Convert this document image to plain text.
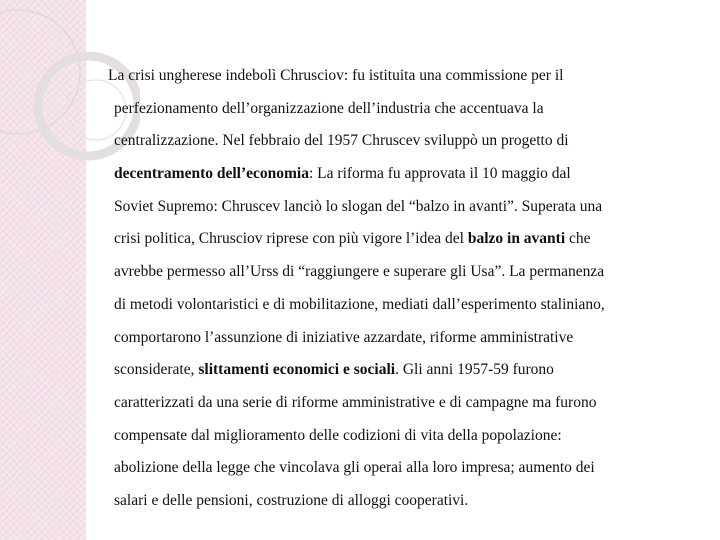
La crisi ungherese indebolì Chrusciov: fu istituita una commissione per il
perfezionamento dell’organizzazione dell’industria che accentuava la
centralizzazione. Nel febbraio del 1957 Chruscev sviluppò un progetto di
decentramento dell’economia: La riforma fu approvata il 10 maggio dal
Soviet Supremo: Chruscev lanciò lo slogan del “balzo in avanti”. Superata una
crisi politica, Chrusciov riprese con più vigore l’idea del balzo in avanti che
avrebbe permesso all’Urss di “raggiungere e superare gli Usa”. La permanenza
di metodi volontaristici e di mobilitazione, mediati dall’esperimento staliniano,
comportarono l’assunzione di iniziative azzardate, riforme amministrative
sconsiderate, slittamenti economici e sociali. Gli anni 1957-59 furono
caratterizzati da una serie di riforme amministrative e di campagne ma furono
compensate dal miglioramento delle codizioni di vita della popolazione:
abolizione della legge che vincolava gli operai alla loro impresa; aumento dei
salari e delle pensioni, costruzione di alloggi cooperativi.
